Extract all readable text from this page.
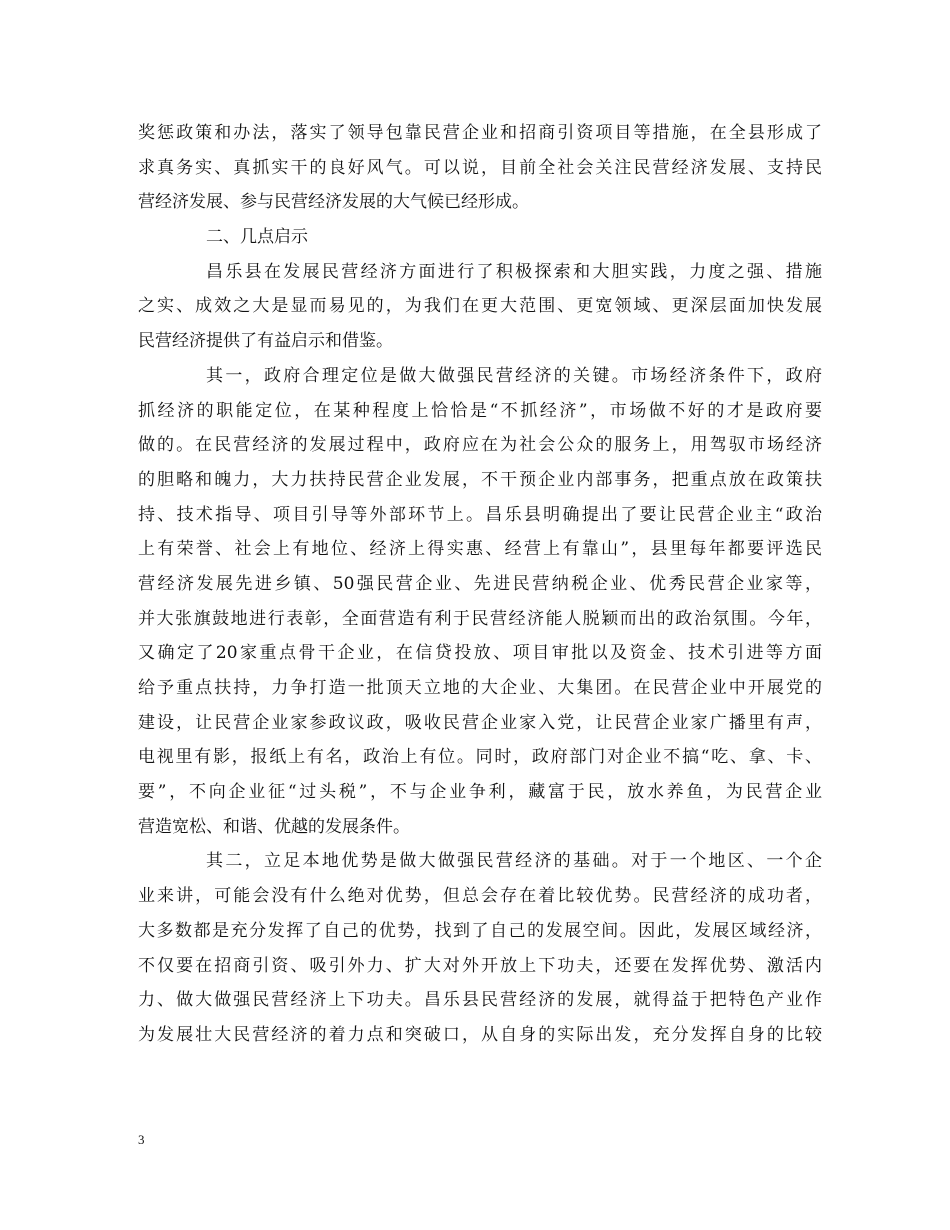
奖惩政策和办法，落实了领导包靠民营企业和招商引资项目等措施，在全县形成了
求真务实、真抓实干的良好风气。可以说，目前全社会关注民营经济发展、支持民
营经济发展、参与民营经济发展的大气候已经形成。
二、几点启示
昌乐县在发展民营经济方面进行了积极探索和大胆实践，力度之强、措施
之实、成效之大是显而易见的，为我们在更大范围、更宽领域、更深层面加快发展
民营经济提供了有益启示和借鉴。
其一，政府合理定位是做大做强民营经济的关键。市场经济条件下，政府
抓经济的职能定位，在某种程度上恰恰是“不抓经济”，市场做不好的才是政府要
做的。在民营经济的发展过程中，政府应在为社会公众的服务上，用驾驭市场经济
的胆略和魄力，大力扶持民营企业发展，不干预企业内部事务，把重点放在政策扶
持、技术指导、项目引导等外部环节上。昌乐县明确提出了要让民营企业主“政治
上有荣誉、社会上有地位、经济上得实惠、经营上有靠山”，县里每年都要评选民
营经济发展先进乡镇、50强民营企业、先进民营纳税企业、优秀民营企业家等，
并大张旗鼓地进行表彰，全面营造有利于民营经济能人脱颖而出的政治氛围。今年，
又确定了20家重点骨干企业，在信贷投放、项目审批以及资金、技术引进等方面
给予重点扶持，力争打造一批顶天立地的大企业、大集团。在民营企业中开展党的
建设，让民营企业家参政议政，吸收民营企业家入党，让民营企业家广播里有声，
电视里有影，报纸上有名，政治上有位。同时，政府部门对企业不搞“吃、拿、卡、
要”，不向企业征“过头税”，不与企业争利，藏富于民，放水养鱼，为民营企业
营造宽松、和谐、优越的发展条件。
其二，立足本地优势是做大做强民营经济的基础。对于一个地区、一个企
业来讲，可能会没有什么绝对优势，但总会存在着比较优势。民营经济的成功者，
大多数都是充分发挥了自己的优势，找到了自己的发展空间。因此，发展区域经济，
不仅要在招商引资、吸引外力、扩大对外开放上下功夫，还要在发挥优势、激活内
力、做大做强民营经济上下功夫。昌乐县民营经济的发展，就得益于把特色产业作
为发展壮大民营经济的着力点和突破口，从自身的实际出发，充分发挥自身的比较
3
